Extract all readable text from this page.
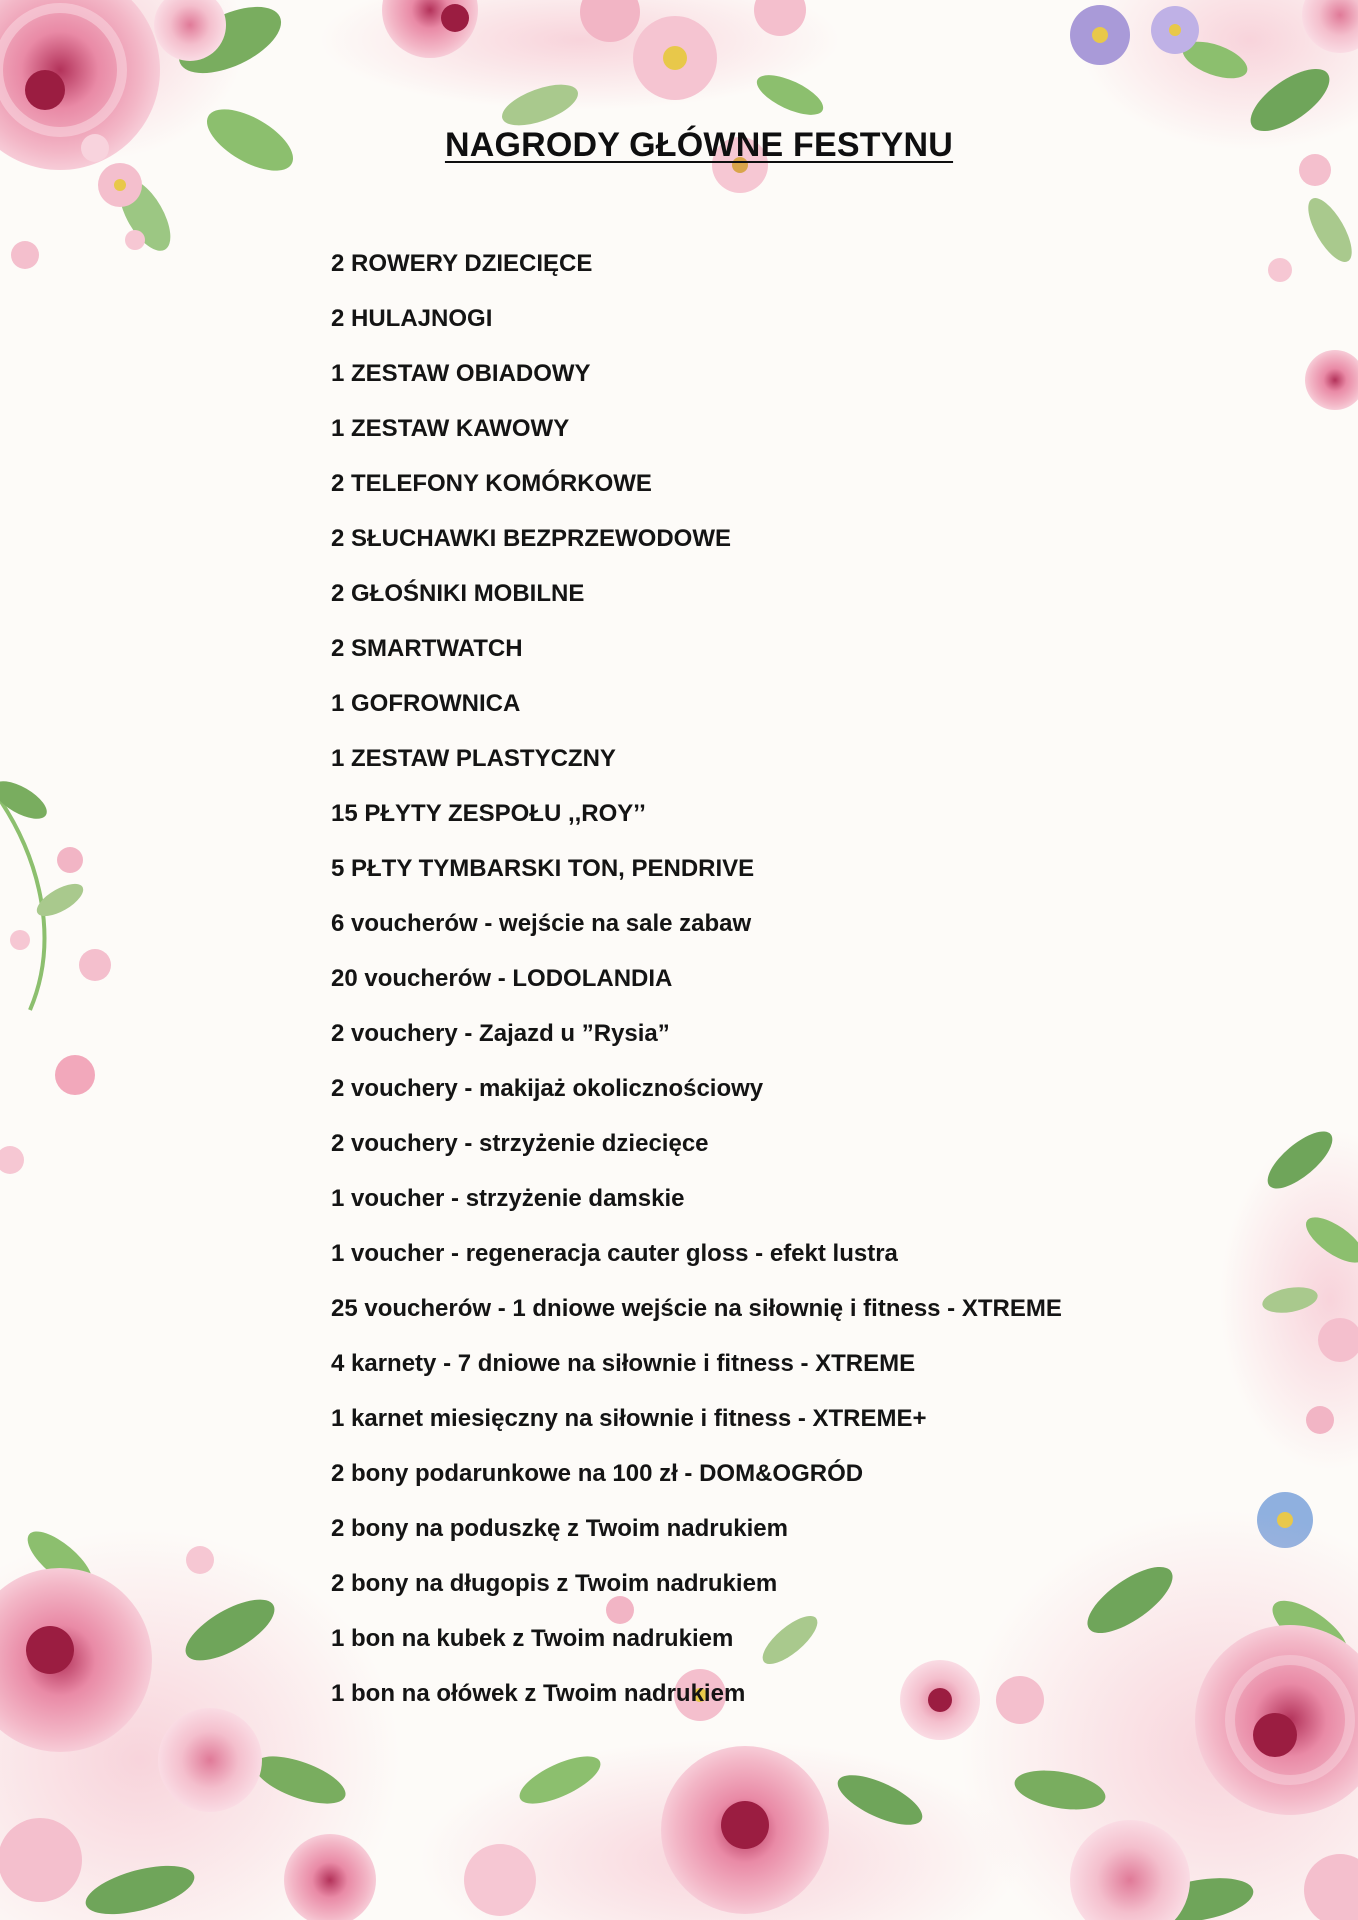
NAGRODY GŁÓWNE FESTYNU
2 ROWERY DZIECIĘCE
2 HULAJNOGI
1 ZESTAW OBIADOWY
1 ZESTAW KAWOWY
2 TELEFONY KOMÓRKOWE
2 SŁUCHAWKI BEZPRZEWODOWE
2 GŁOŚNIKI MOBILNE
2 SMARTWATCH
1 GOFROWNICA
1 ZESTAW PLASTYCZNY
15 PŁYTY ZESPOŁU ,,ROY’’
5 PŁTY TYMBARSKI TON, PENDRIVE
6 voucherów - wejście na sale zabaw
20 voucherów - LODOLANDIA
2 vouchery - Zajazd u ”Rysia”
2 vouchery - makijaż okolicznościowy
2 vouchery - strzyżenie dziecięce
1 voucher - strzyżenie damskie
1 voucher - regeneracja cauter gloss - efekt lustra
25 voucherów - 1 dniowe wejście na siłownię i fitness - XTREME
4 karnety - 7 dniowe na siłownie i fitness - XTREME
1 karnet miesięczny na siłownie i fitness - XTREME+
2 bony podarunkowe na 100 zł - DOM&OGRÓD
2 bony na poduszkę z Twoim nadrukiem
2 bony na długopis z Twoim nadrukiem
1 bon na kubek z Twoim nadrukiem
1 bon na ołówek z Twoim nadrukiem
